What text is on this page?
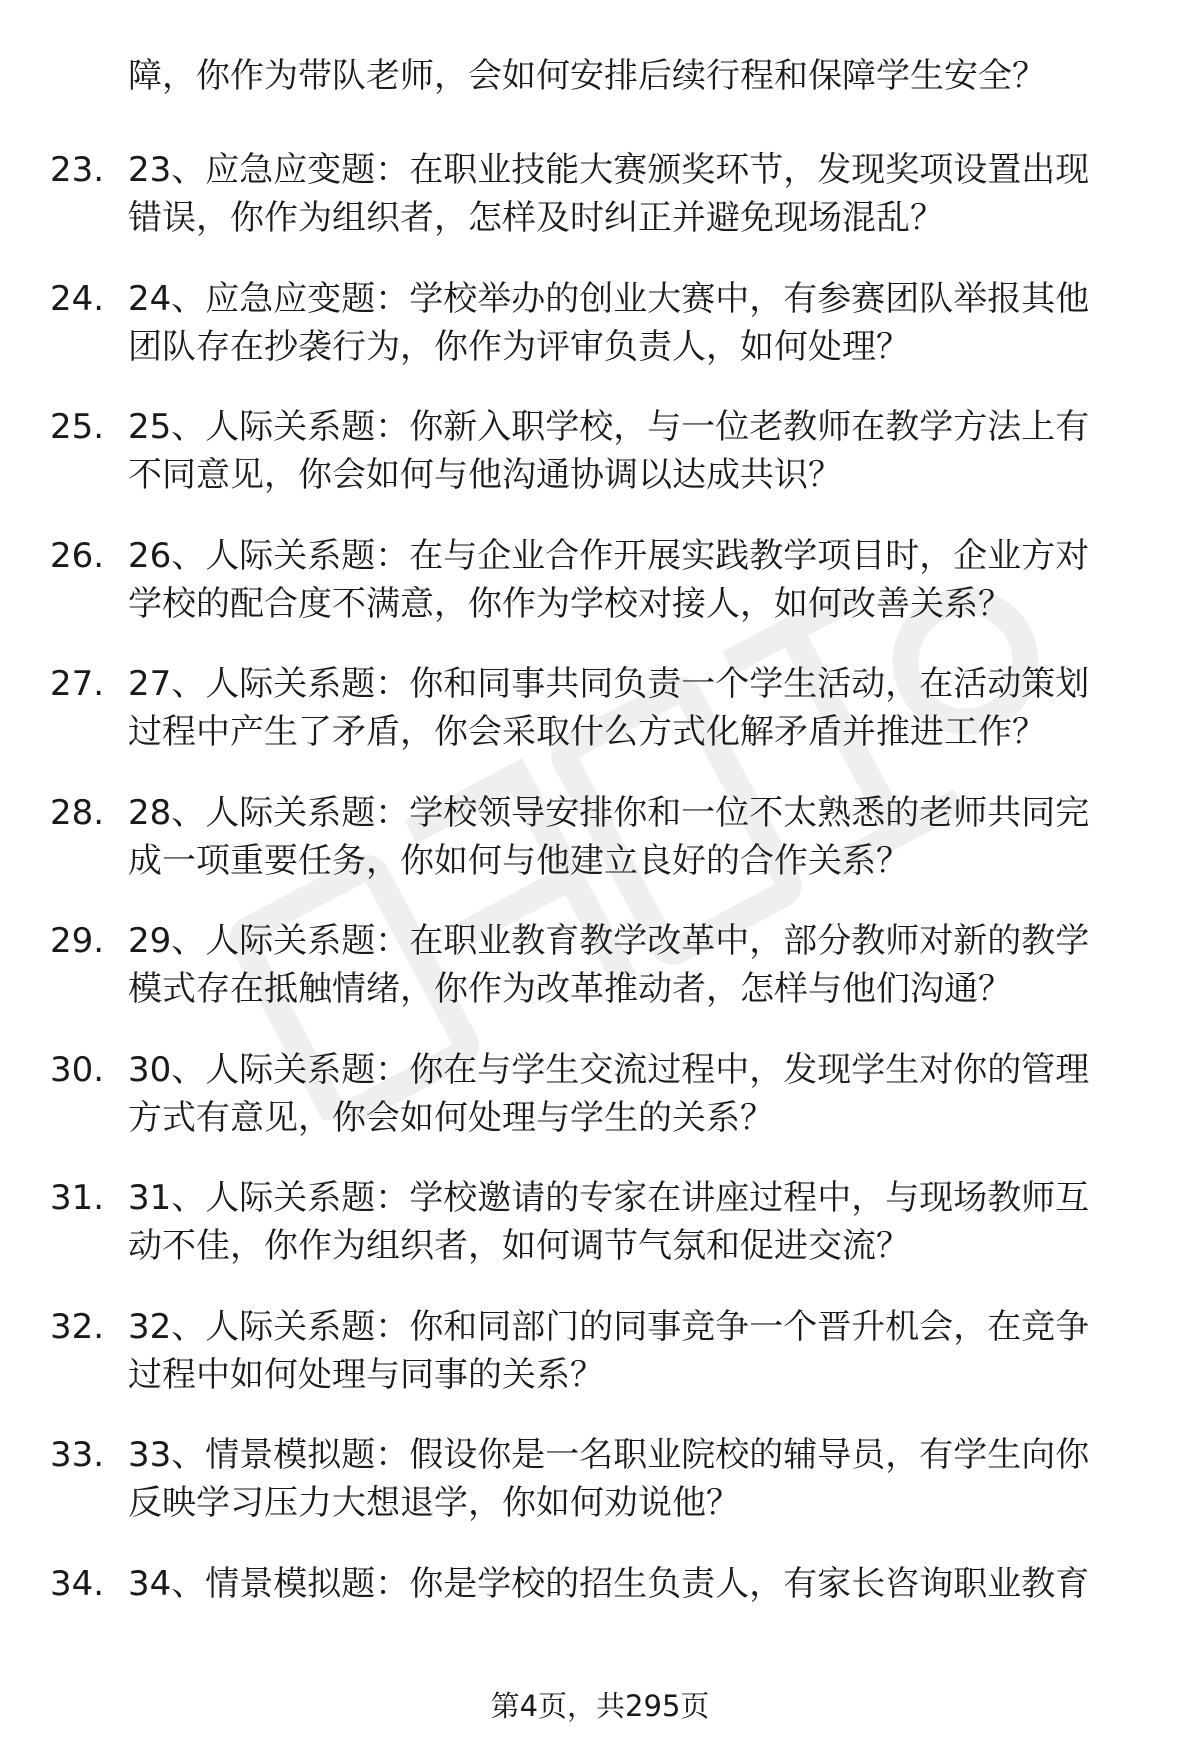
障，你作为带队老师，会如何安排后续行程和保障学生安全？
23. 23、应急应变题：在职业技能大赛颁奖环节，发现奖项设置出现
错误，你作为组织者，怎样及时纠正并避免现场混乱？
24. 24、应急应变题：学校举办的创业大赛中，有参赛团队举报其他
团队存在抄袭行为，你作为评审负责人，如何处理？
25. 25、人际关系题：你新入职学校，与一位老教师在教学方法上有
不同意见，你会如何与他沟通协调以达成共识？
26. 26、人际关系题：在与企业合作开展实践教学项目时，企业方对
学校的配合度不满意，你作为学校对接人，如何改善关系？
27. 27、人际关系题：你和同事共同负责一个学生活动，在活动策划
过程中产生了矛盾，你会采取什么方式化解矛盾并推进工作？
28. 28、人际关系题：学校领导安排你和一位不太熟悉的老师共同完
成一项重要任务，你如何与他建立良好的合作关系？
29. 29、人际关系题：在职业教育教学改革中，部分教师对新的教学
模式存在抵触情绪，你作为改革推动者，怎样与他们沟通？
30. 30、人际关系题：你在与学生交流过程中，发现学生对你的管理
方式有意见，你会如何处理与学生的关系？
31. 31、人际关系题：学校邀请的专家在讲座过程中，与现场教师互
动不佳，你作为组织者，如何调节气氛和促进交流？
32. 32、人际关系题：你和同部门的同事竞争一个晋升机会，在竞争
过程中如何处理与同事的关系？
33. 33、情景模拟题：假设你是一名职业院校的辅导员，有学生向你
反映学习压力大想退学，你如何劝说他？
34. 34、情景模拟题：你是学校的招生负责人，有家长咨询职业教育
第4页，共295页
